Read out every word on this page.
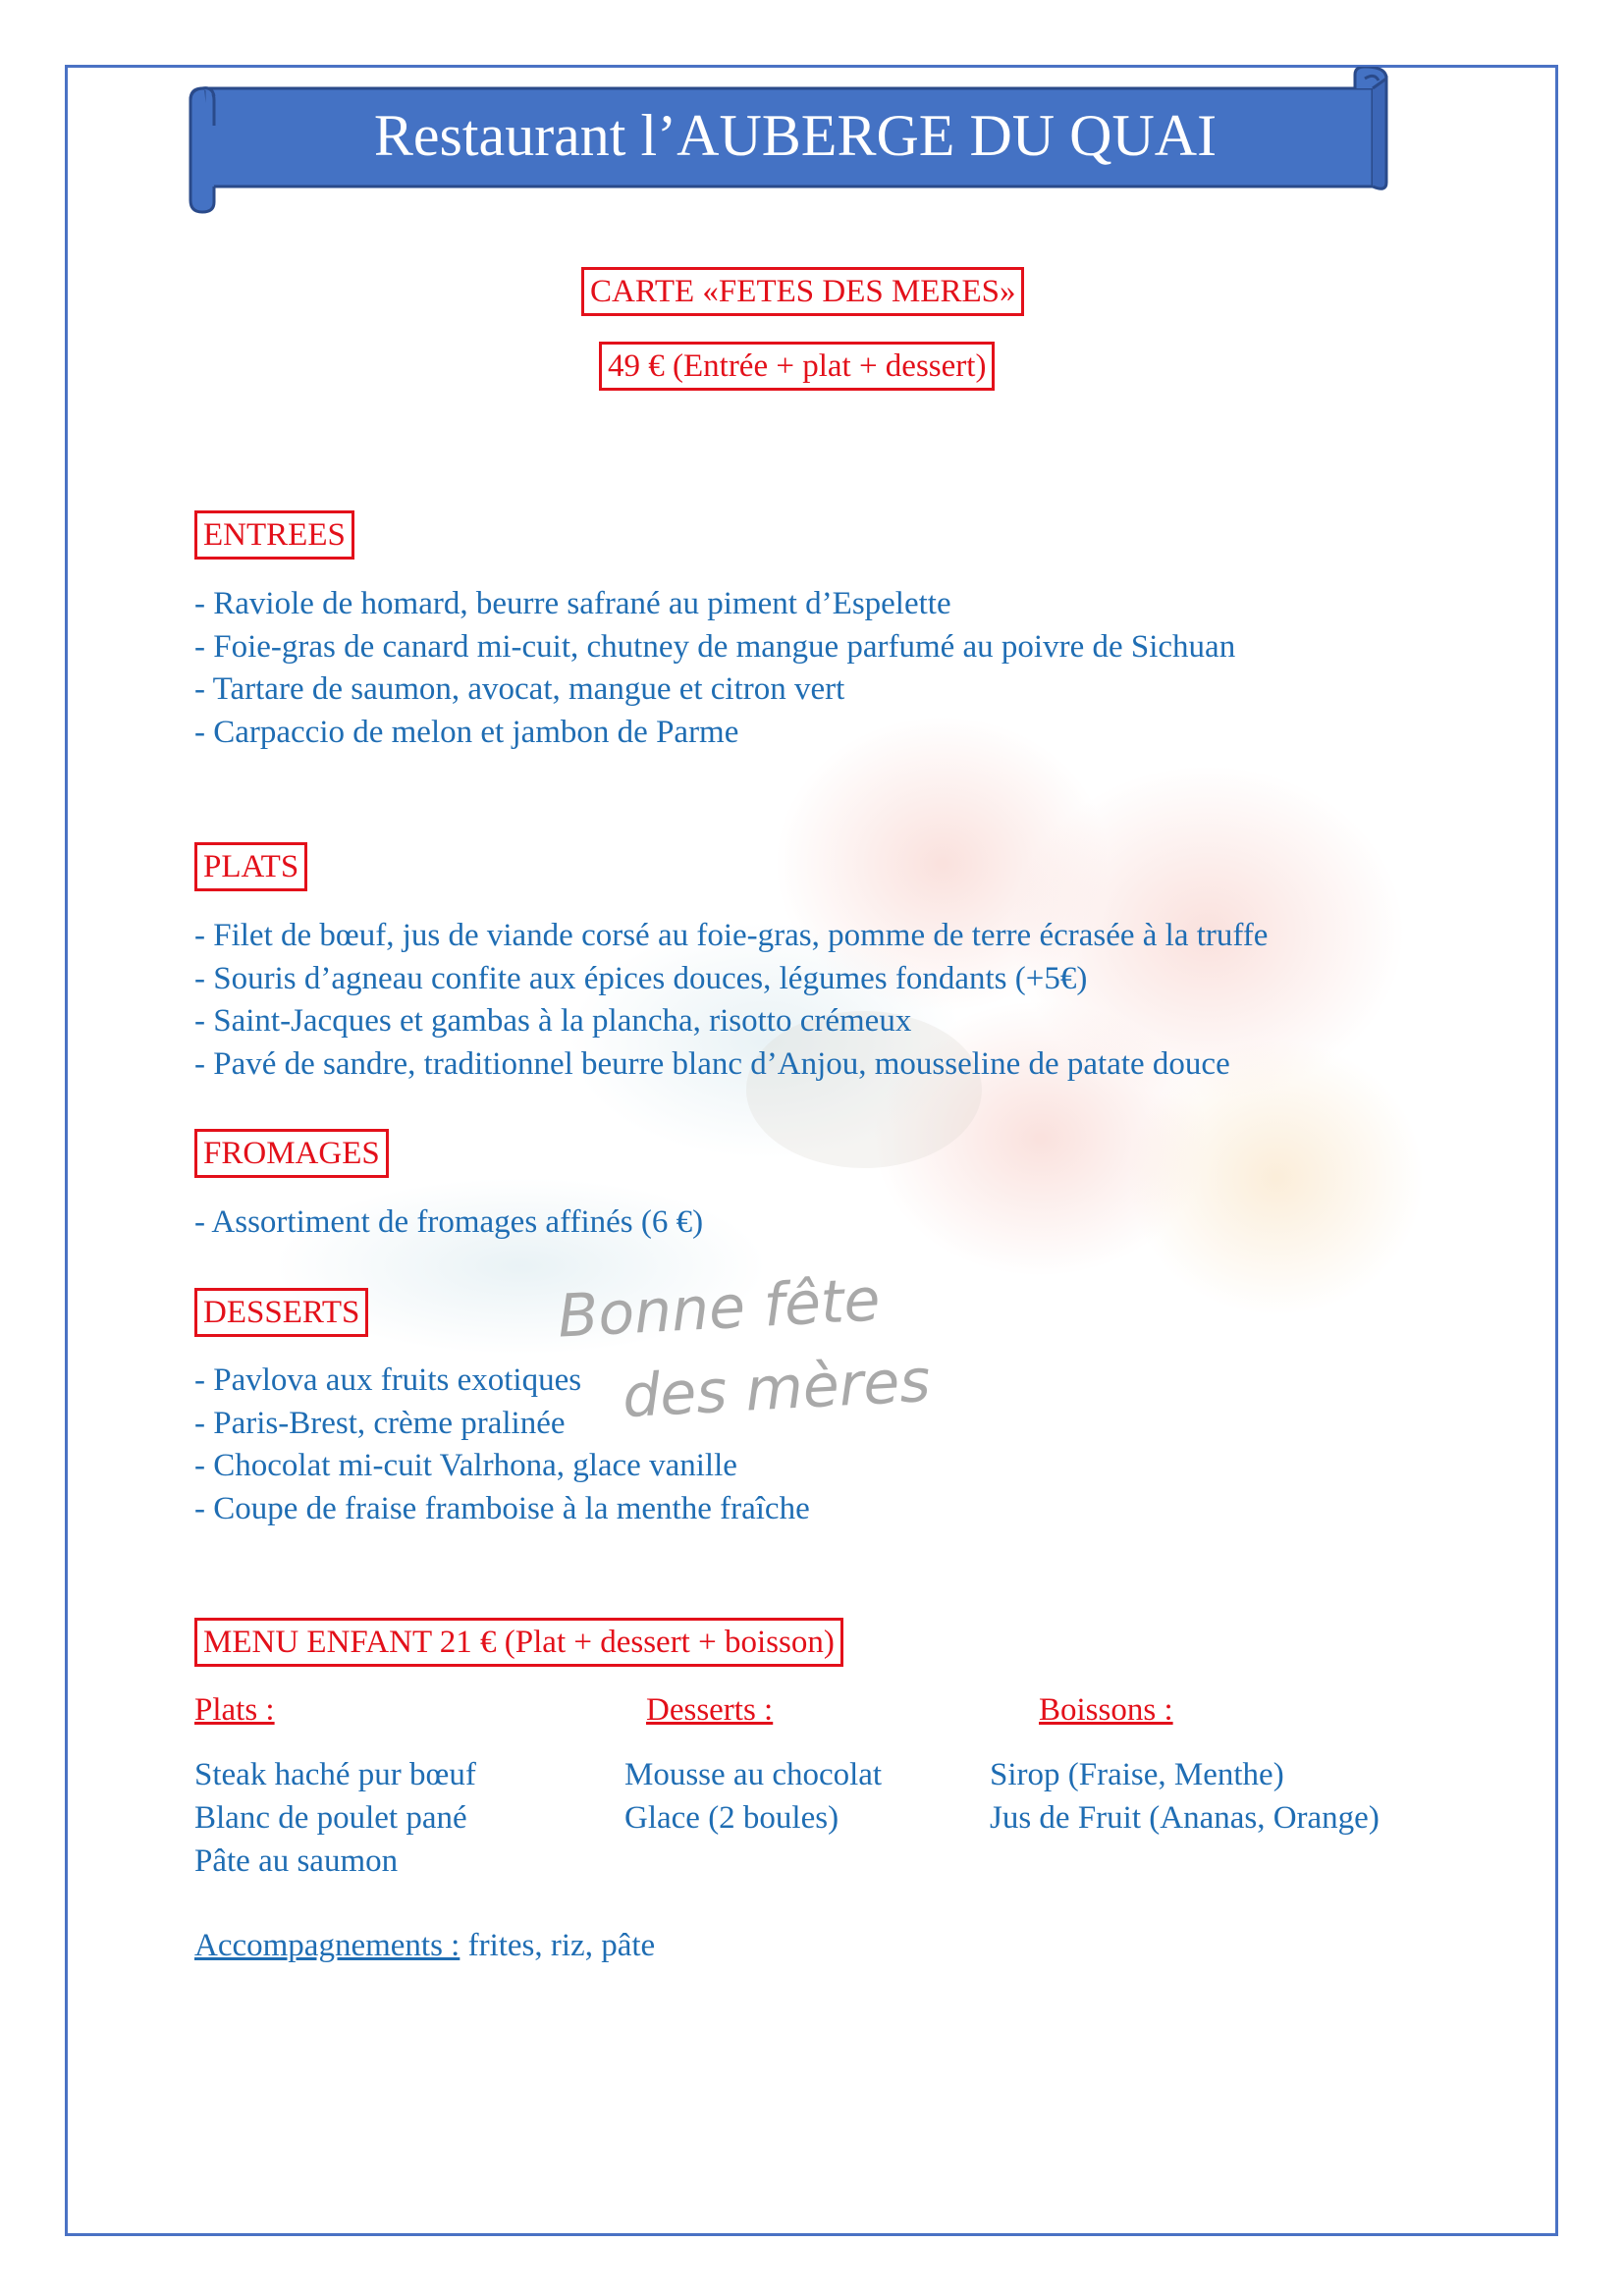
Restaurant l’AUBERGE DU QUAI
Bonne fête
des mères
CARTE «FETES DES MERES»
49 € (Entrée + plat + dessert)
ENTREES
- Raviole de homard, beurre safrané au piment d’Espelette
- Foie-gras de canard mi-cuit, chutney de mangue parfumé au poivre de Sichuan
- Tartare de saumon, avocat, mangue et citron vert
- Carpaccio de melon et jambon de Parme
PLATS
- Filet de bœuf, jus de viande corsé au foie-gras, pomme de terre écrasée à la truffe
- Souris d’agneau confite aux épices douces, légumes fondants (+5€)
- Saint-Jacques et gambas à la plancha, risotto crémeux
- Pavé de sandre, traditionnel beurre blanc d’Anjou, mousseline de patate douce
FROMAGES
- Assortiment de fromages affinés (6 €)
DESSERTS
- Pavlova aux fruits exotiques
- Paris-Brest, crème pralinée
- Chocolat mi-cuit Valrhona, glace vanille
- Coupe de fraise framboise à la menthe fraîche
MENU ENFANT 21 € (Plat + dessert + boisson)
Plats :	Desserts :	Boissons :
Steak haché pur bœuf
Blanc de poulet pané
Pâte au saumon
Mousse au chocolat
Glace (2 boules)
Sirop (Fraise, Menthe)
Jus de Fruit (Ananas, Orange)
Accompagnements : frites, riz, pâte
